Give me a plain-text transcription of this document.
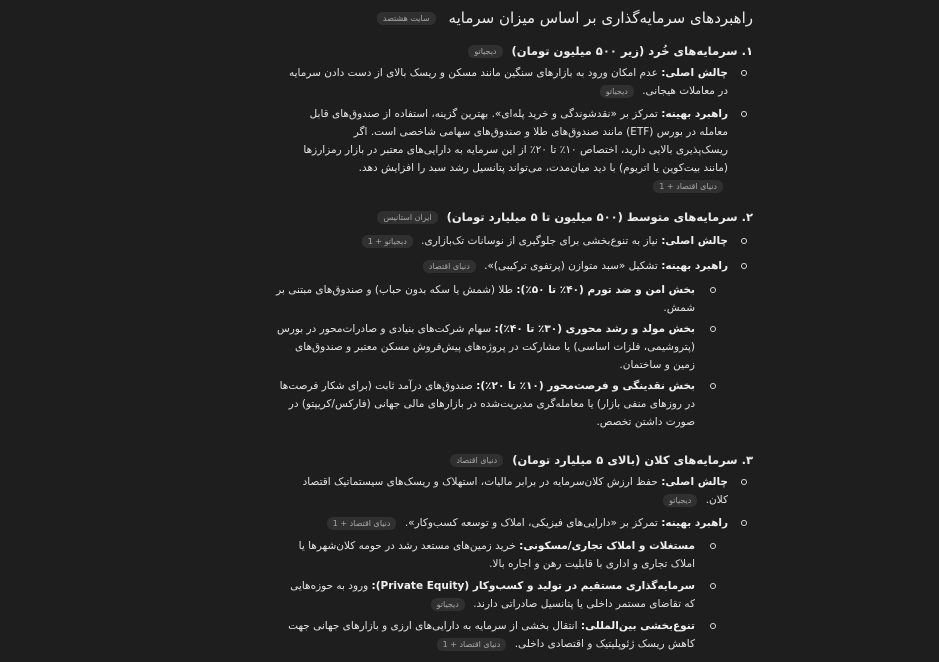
راهبردهای سرمایه‌گذاری بر اساس میزان سرمایه
سایت هشتصد
۱. سرمایه‌های خُرد (زیر ۵۰۰ میلیون تومان) دیجیاتو
چالش اصلی: عدم امکان ورود به بازارهای سنگین مانند مسکن و ریسک بالای از دست دادن سرمایه در معاملات هیجانی. دیجیاتو
راهبرد بهینه: تمرکز بر «نقدشوندگی و خرید پله‌ای». بهترین گزینه، استفاده از صندوق‌های قابل معامله در بورس (ETF) مانند صندوق‌های طلا و صندوق‌های سهامی شاخصی است. اگر ریسک‌پذیری بالایی دارید، اختصاص ۱۰٪ تا ۲۰٪ از این سرمایه به دارایی‌های معتبر در بازار رمزارزها (مانند بیت‌کوین یا اتریوم) با دید میان‌مدت، می‌تواند پتانسیل رشد سبد را افزایش دهد. دنیای اقتصاد + 1
۲. سرمایه‌های متوسط (۵۰۰ میلیون تا ۵ میلیارد تومان) ایران استانیس
چالش اصلی: نیاز به تنوع‌بخشی برای جلوگیری از نوسانات تک‌بازاری. دیجیاتو + 1
راهبرد بهینه: تشکیل «سبد متوازن (پرتفوی ترکیبی)». دنیای اقتصاد
بخش امن و ضد تورم (۴۰٪ تا ۵۰٪): طلا (شمش یا سکه بدون حباب) و صندوق‌های مبتنی بر شمش.
بخش مولد و رشد محوری (۳۰٪ تا ۴۰٪): سهام شرکت‌های بنیادی و صادرات‌محور در بورس (پتروشیمی، فلزات اساسی) یا مشارکت در پروژه‌های پیش‌فروش مسکن معتبر و صندوق‌های زمین و ساختمان.
بخش نقدینگی و فرصت‌محور (۱۰٪ تا ۲۰٪): صندوق‌های درآمد ثابت (برای شکار فرصت‌ها در روزهای منفی بازار) یا معامله‌گری مدیریت‌شده در بازارهای مالی جهانی (فارکس/کریپتو) در صورت داشتن تخصص.
۳. سرمایه‌های کلان (بالای ۵ میلیارد تومان) دنیای اقتصاد
چالش اصلی: حفظ ارزش کلان‌سرمایه در برابر مالیات، استهلاک و ریسک‌های سیستماتیک اقتصاد کلان. دیجیاتو
راهبرد بهینه: تمرکز بر «دارایی‌های فیزیکی، املاک و توسعه کسب‌وکار». دنیای اقتصاد + 1
مستغلات و املاک تجاری/مسکونی: خرید زمین‌های مستعد رشد در حومه کلان‌شهرها یا املاک تجاری و اداری با قابلیت رهن و اجاره بالا.
سرمایه‌گذاری مستقیم در تولید و کسب‌وکار (Private Equity): ورود به حوزه‌هایی که تقاضای مستمر داخلی یا پتانسیل صادراتی دارند. دیجیاتو
تنوع‌بخشی بین‌المللی: انتقال بخشی از سرمایه به دارایی‌های ارزی و بازارهای جهانی جهت کاهش ریسک ژئوپلیتیک و اقتصادی داخلی. دنیای اقتصاد + 1
